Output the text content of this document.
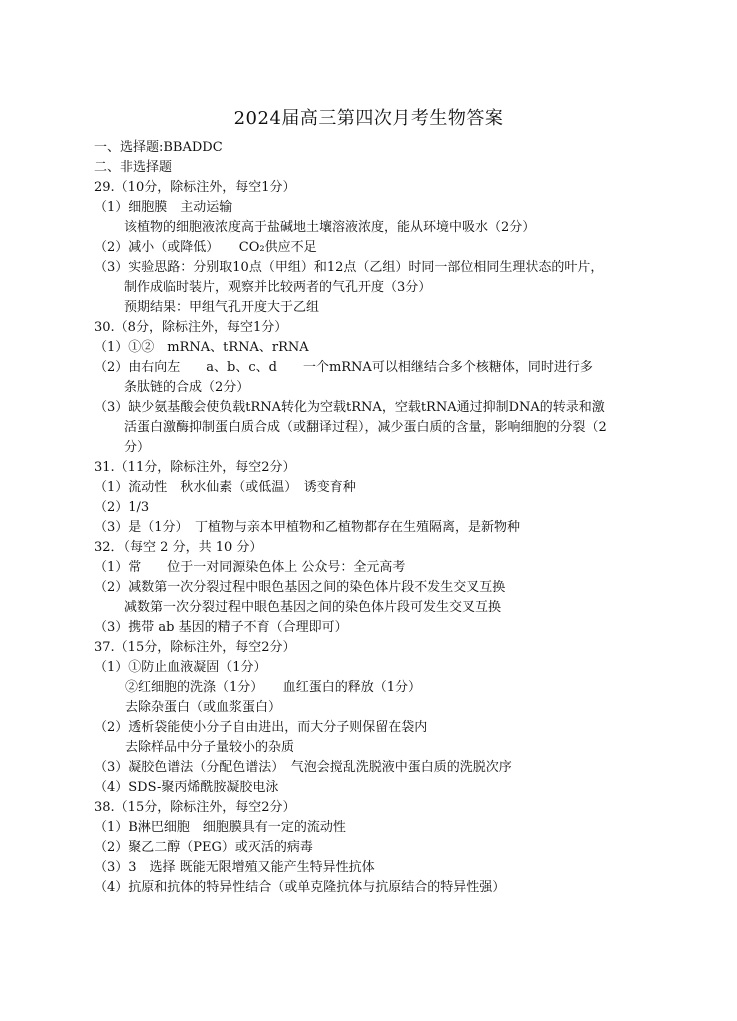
2024届高三第四次月考生物答案
一、选择题:BBADDC
二、非选择题
29.（10分，除标注外，每空1分）
（1）细胞膜　主动运输
该植物的细胞液浓度高于盐碱地土壤溶液浓度，能从环境中吸水（2分）
（2）减小（或降低）　　CO₂供应不足
（3）实验思路：分别取10点（甲组）和12点（乙组）时同一部位相同生理状态的叶片，
制作成临时装片，观察并比较两者的气孔开度（3分）
预期结果：甲组气孔开度大于乙组
30.（8分，除标注外，每空1分）
（1）①②　mRNA、tRNA、rRNA
（2）由右向左　　a、b、c、d　　一个mRNA可以相继结合多个核糖体，同时进行多
条肽链的合成（2分）
（3）缺少氨基酸会使负载tRNA转化为空载tRNA，空载tRNA通过抑制DNA的转录和激
活蛋白激酶抑制蛋白质合成（或翻译过程），减少蛋白质的含量，影响细胞的分裂（2
分）
31.（11分，除标注外，每空2分）
（1）流动性　秋水仙素（或低温）　诱变育种
（2）1/3
（3）是（1分）　丁植物与亲本甲植物和乙植物都存在生殖隔离，是新物种
32．（每空 2 分，共 10 分）
（1）常　　位于一对同源染色体上 公众号：全元高考
（2）减数第一次分裂过程中眼色基因之间的染色体片段不发生交叉互换
减数第一次分裂过程中眼色基因之间的染色体片段可发生交叉互换
（3）携带 ab 基因的精子不育（合理即可）
37.（15分，除标注外，每空2分）
（1）①防止血液凝固（1分）
②红细胞的洗涤（1分）　　血红蛋白的释放（1分）
去除杂蛋白（或血浆蛋白）
（2）透析袋能使小分子自由进出，而大分子则保留在袋内
去除样品中分子量较小的杂质
（3）凝胶色谱法（分配色谱法）　气泡会搅乱洗脱液中蛋白质的洗脱次序
（4）SDS-聚丙烯酰胺凝胶电泳
38.（15分，除标注外，每空2分）
（1）B淋巴细胞　细胞膜具有一定的流动性
（2）聚乙二醇（PEG）或灭活的病毒
（3）3　选择 既能无限增殖又能产生特异性抗体
（4）抗原和抗体的特异性结合（或单克隆抗体与抗原结合的特异性强）
